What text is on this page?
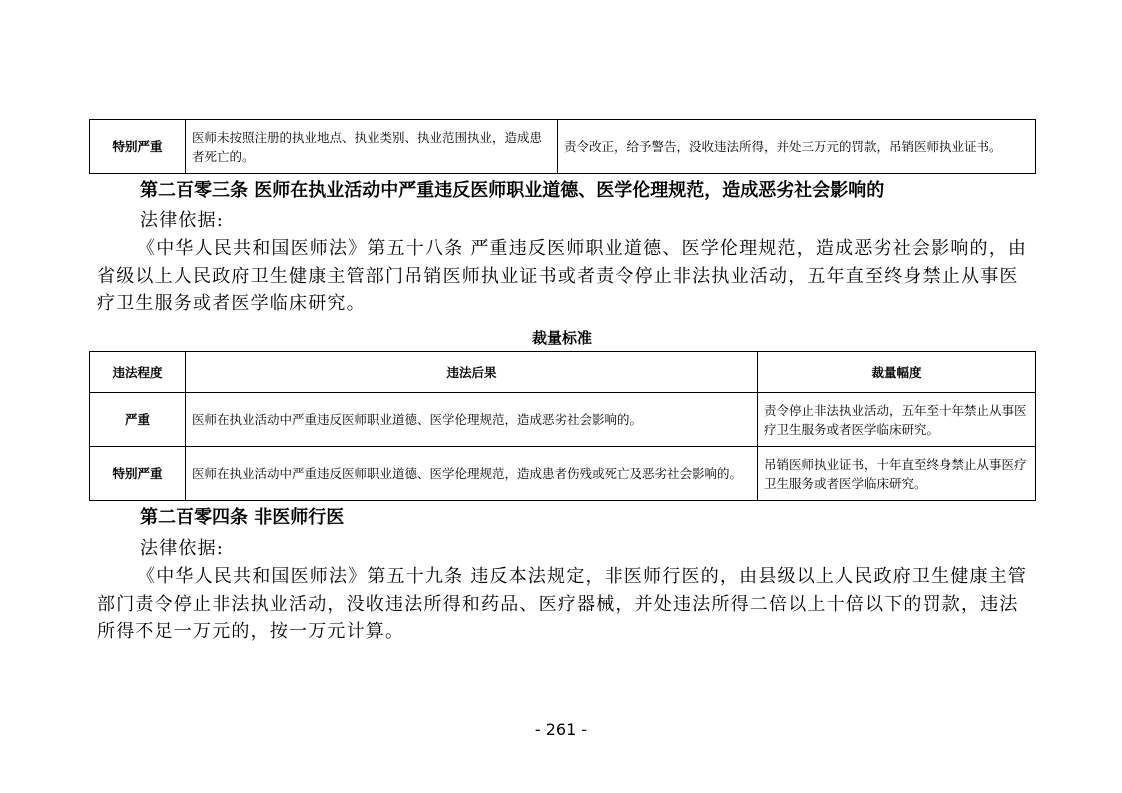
特别严重	医师未按照注册的执业地点、执业类别、执业范围执业，造成患者死亡的。	责令改正，给予警告，没收违法所得，并处三万元的罚款，吊销医师执业证书。
第二百零三条 医师在执业活动中严重违反医师职业道德、医学伦理规范，造成恶劣社会影响的
法律依据:
《中华人民共和国医师法》第五十八条 严重违反医师职业道德、医学伦理规范，造成恶劣社会影响的，由省级以上人民政府卫生健康主管部门吊销医师执业证书或者责令停止非法执业活动，五年直至终身禁止从事医疗卫生服务或者医学临床研究。
裁量标准
违法程度	违法后果	裁量幅度
严重	医师在执业活动中严重违反医师职业道德、医学伦理规范，造成恶劣社会影响的。	责令停止非法执业活动，五年至十年禁止从事医疗卫生服务或者医学临床研究。
特别严重	医师在执业活动中严重违反医师职业道德、医学伦理规范，造成患者伤残或死亡及恶劣社会影响的。	吊销医师执业证书，十年直至终身禁止从事医疗卫生服务或者医学临床研究。
第二百零四条 非医师行医
法律依据:
《中华人民共和国医师法》第五十九条 违反本法规定，非医师行医的，由县级以上人民政府卫生健康主管部门责令停止非法执业活动，没收违法所得和药品、医疗器械，并处违法所得二倍以上十倍以下的罚款，违法所得不足一万元的，按一万元计算。
- 261 -
